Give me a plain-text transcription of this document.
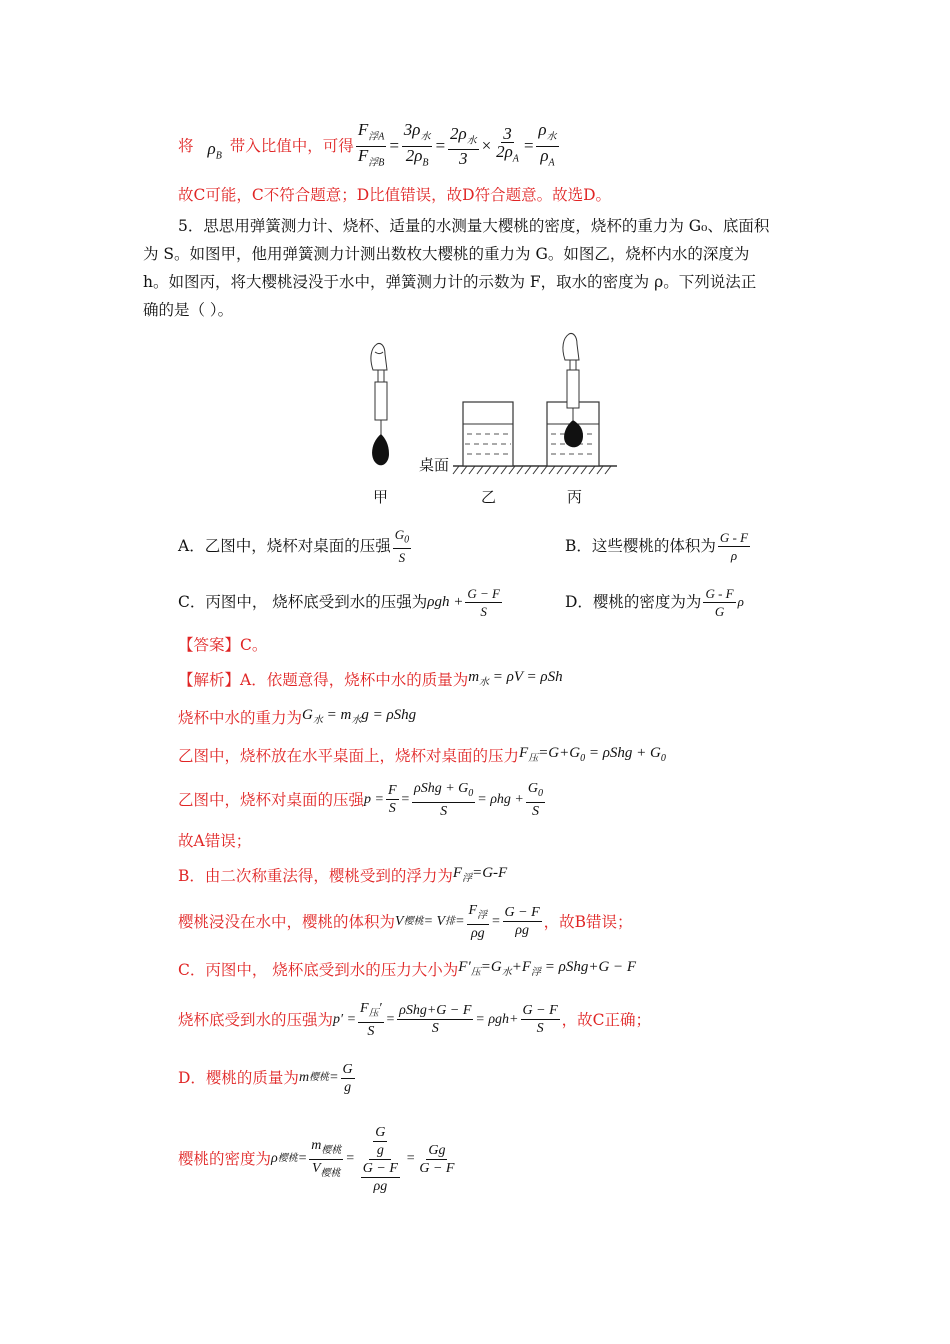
将 $\rho_B$
带入比值中，可得 $\frac{F_{浮A}}{F_{浮B}} = \frac{3\rho_水}{2\rho_B} = \frac{2\rho_水}{3} \times \frac{3}{2\rho_A} = \frac{\rho_水}{\rho_A}$
故C可能，C不符合题意；D比值错误，故D符合题意。故选D。
5．思思用弹簧测力计、烧杯、适量的水测量大樱桃的密度，烧杯的重力为 G₀、底面积
为 S。如图甲，他用弹簧测力计测出数枚大樱桃的重力为 G。如图乙，烧杯内水的深度为
h。如图丙，将大樱桃浸没于水中，弹簧测力计的示数为 F，取水的密度为 ρ。下列说法正
确的是（ ）。
桌面
甲	乙	丙
A．乙图中，烧杯对桌面的压强 $\frac{G_0}{S}$	B．这些樱桃的体积为 $\frac{G - F}{\rho}$
C．丙图中， 烧杯底受到水的压强为 $\rho gh + \frac{G - F}{S}$	D．樱桃的密度为为 $\frac{G - F}{G}$ ρ
【答案】C。
【解析】A．依题意得，烧杯中水的质量为 $m_水 = \rho V = \rho Sh$
烧杯中水的重力为 $G_水 = m_水g = \rho Shg$
乙图中，烧杯放在水平桌面上，烧杯对桌面的压力 $F_压=G+G_0 = \rho Shg + G_0$
乙图中，烧杯对桌面的压强 $p = \frac{F}{S} = \frac{\rho Shg + G_0}{S} = \rho hg + \frac{G_0}{S}$
故A错误；
B．由二次称重法得，樱桃受到的浮力为 $F_浮=G-F$
樱桃浸没在水中，樱桃的体积为 V 樱桃 = V 排 = $\frac{F_浮}{\rho g} = \frac{G - F}{\rho g}$ ，故B错误；
C．丙图中， 烧杯底受到水的压力大小为 $F'_压=G_水+F_浮 = \rho Shg+G - F$
烧杯底受到水的压强为 $p' = \frac{F_压'}{S} = \frac{\text{ρShg+G − F}}{S} = \rho gh+ \frac{G - F}{S}$ ，故C正确；
D．樱桃的质量为 m 樱桃 = $\frac{G}{g}$
樱桃的密度为 ρ 樱桃 = $\frac{m_{樱桃}}{V_{樱桃}} = \frac{\frac{G}{g}}{\frac{G - F}{\rho g}} = \frac{Gg}{G - F}$
